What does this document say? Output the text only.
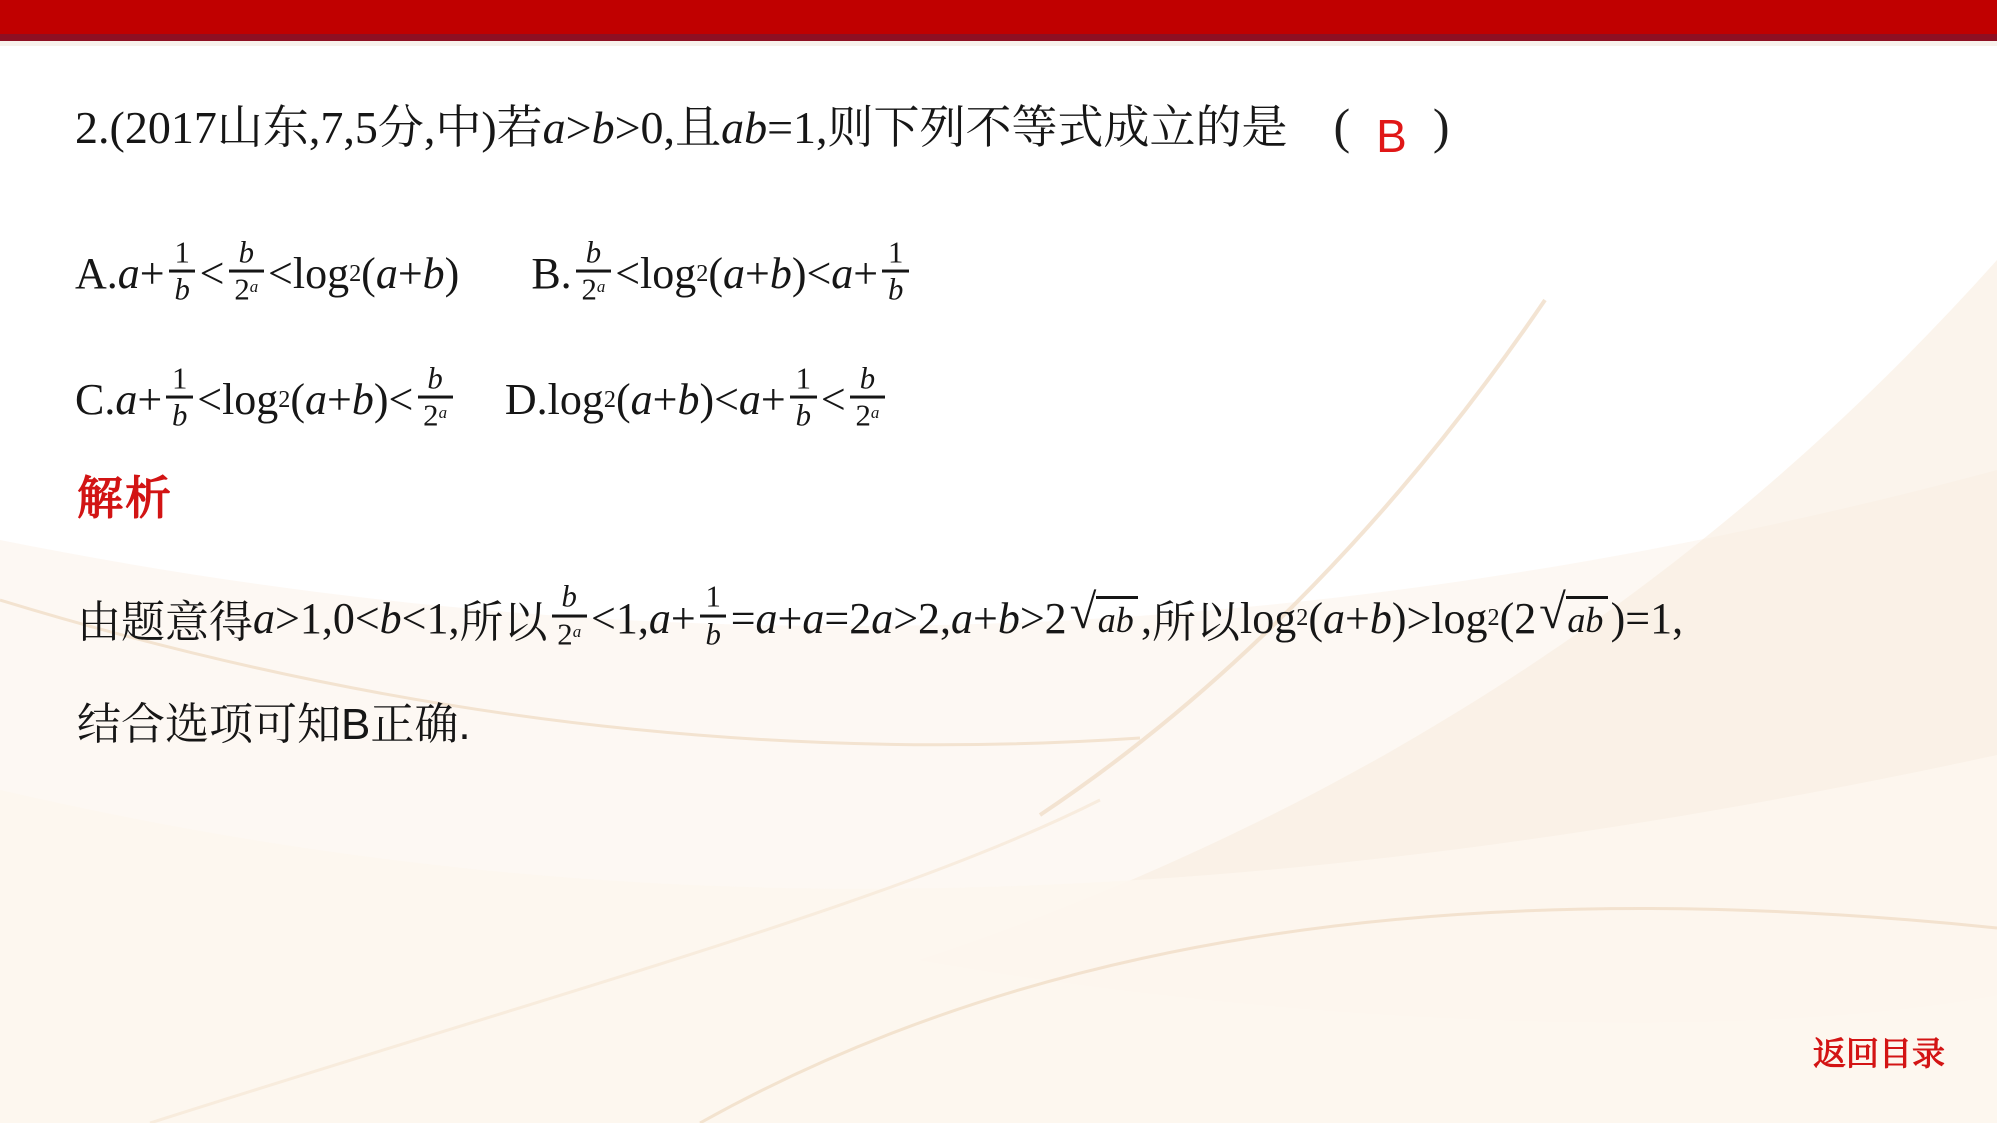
2.(2017山东,7,5分,中)若a>b>0,且ab=1,则下列不等式成立的是 ( B )
A. $a + \frac{1}{b} < \frac{b}{2^a} <\log$ 2 ( a + b ) B. $\frac{b}{2^a} <\log$ 2 ( a + b )< $a + \frac{1}{b}$
C. $a + \frac{1}{b} <\log$ 2 ( a + b )< $\frac{b}{2^a} D.\log$ 2 ( a + b )< $a + \frac{1}{b} < \frac{b}{2^a}$
解析
由题意得 a >1,0< b <1, 所以 $\frac{b}{2^a} <1$, $a + \frac{1}{b} = a + a =2$ a >2, a + b >2 √ ab , 所以 log 2 ( a + b )>log 2 (2 √ ab )=1,
结合选项可知B正确.
返回目录
